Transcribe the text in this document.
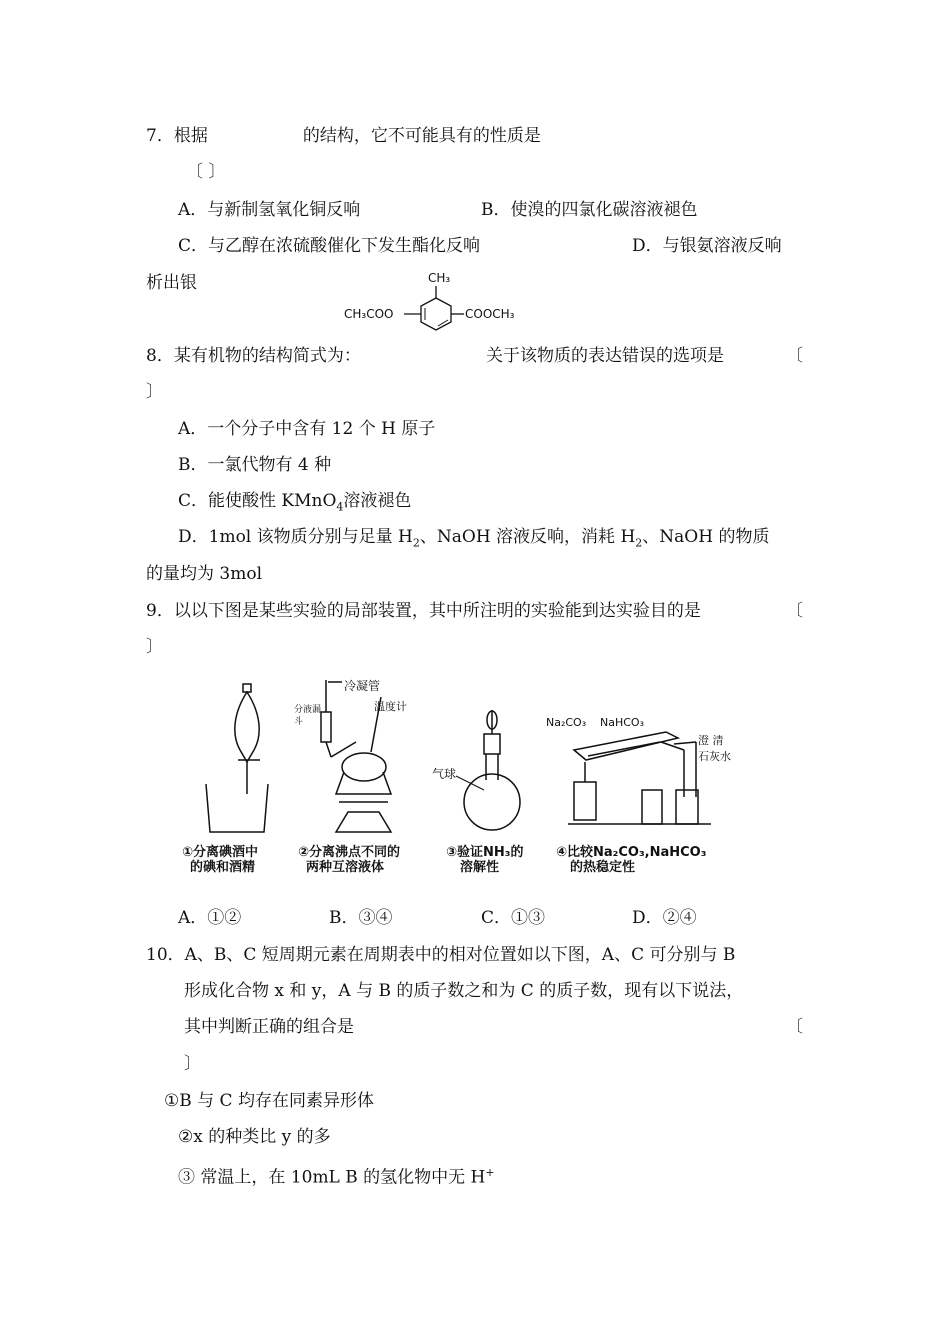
7．根据	的结构，它不可能具有的性质是
〔 〕
A．与新制氢氧化铜反响	B．使溴的四氯化碳溶液褪色
C．与乙醇在浓硫酸催化下发生酯化反响	D．与银氨溶液反响
析出银	CH₃
CH₃COO	COOCH₃
8．某有机物的结构简式为：	关于该物质的表达错误的选项是	〔
〕
A．一个分子中含有 12 个 H 原子
B．一氯代物有 4 种
C．能使酸性 KMnO$_4$溶液褪色
D．1mol 该物质分别与足量 $H_2$、NaOH 溶液反响，消耗 $H_2$、NaOH 的物质
的量均为 3mol
9．以以下图是某些实验的局部装置，其中所注明的实验能到达实验目的是	〔
〕
冷凝管
分液漏
斗
温度计
气球
Na₂CO₃ NaHCO₃
澄 清
石灰水
①分离碘酒中
的碘和酒精
②分离沸点不同的
两种互溶液体
③验证NH₃的
溶解性
④比较Na₂CO₃,NaHCO₃
的热稳定性
A．①②	B．③④	C．①③	D．②④
10．A、B、C 短周期元素在周期表中的相对位置如以下图，A、C 可分别与 B
形成化合物 x 和 y，A 与 B 的质子数之和为 C 的质子数，现有以下说法，
其中判断正确的组合是	〔
〕
①B 与 C 均存在同素异形体
②x 的种类比 y 的多
③ 常温上，在 10mL B 的氢化物中无 H+
